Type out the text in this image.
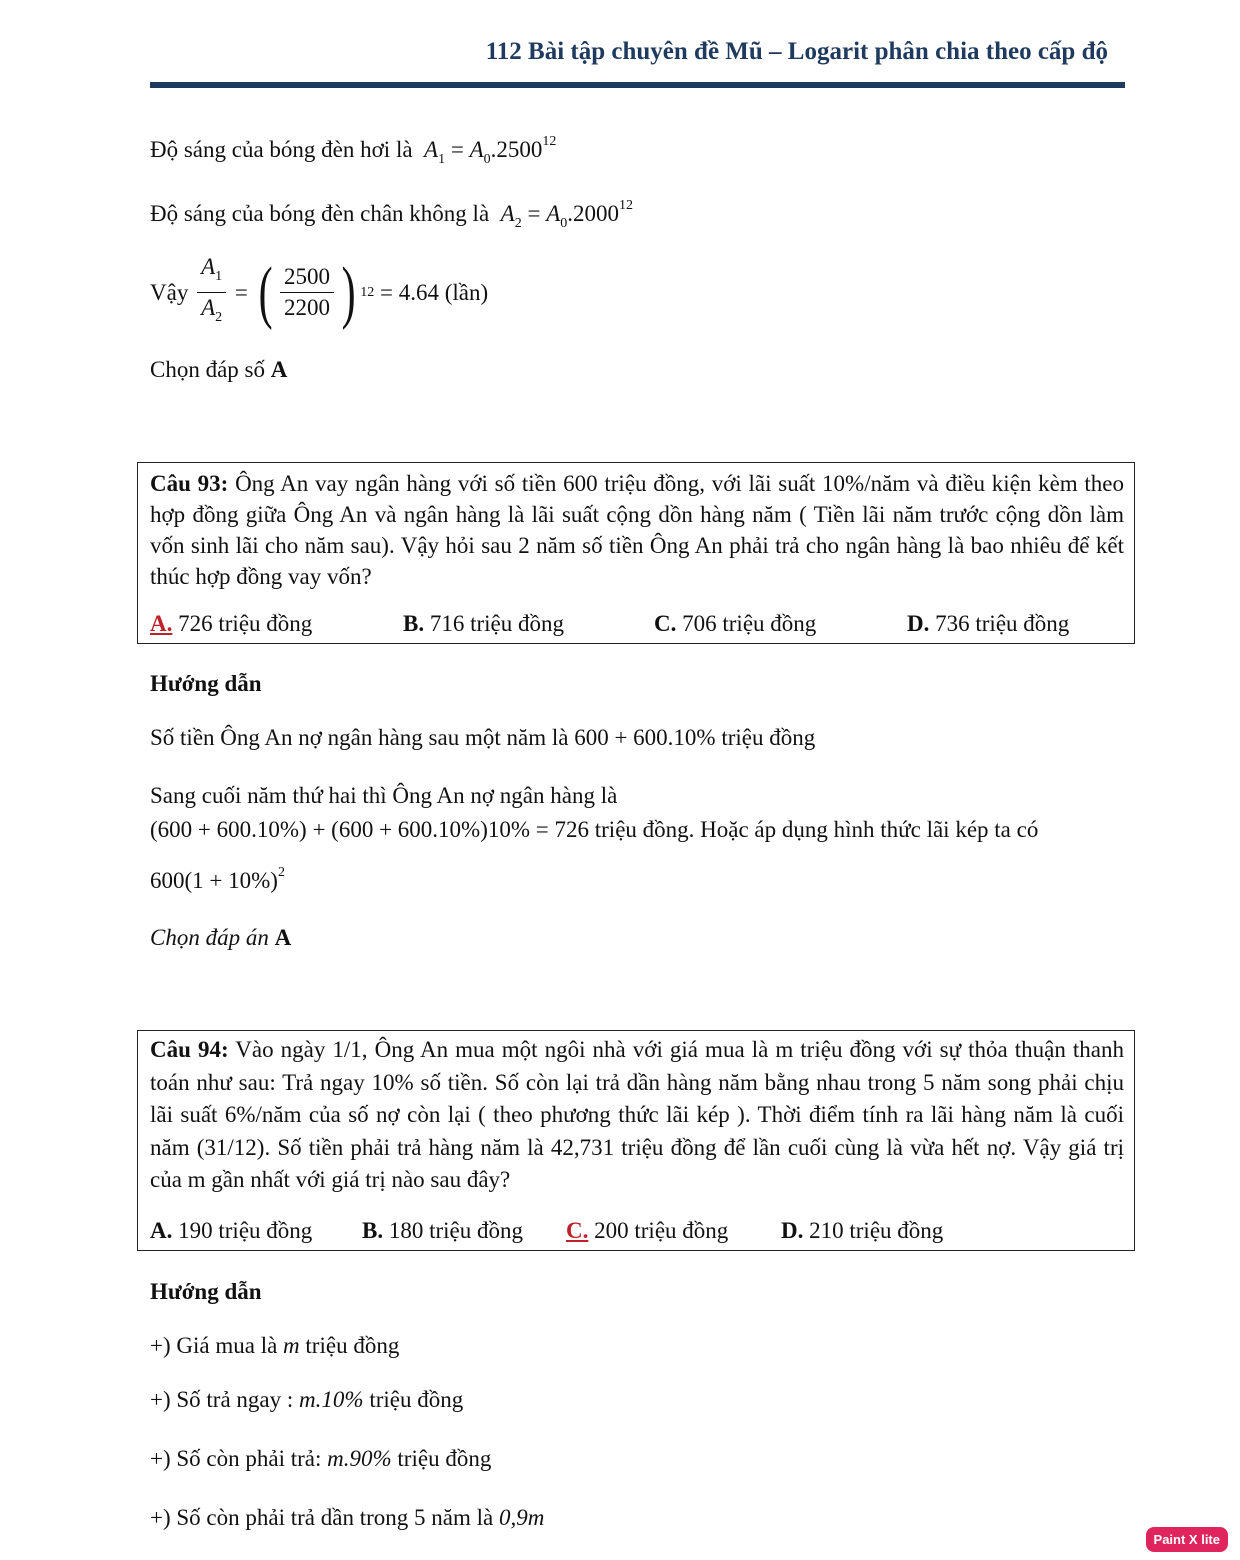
112 Bài tập chuyên đề Mũ – Logarit phân chia theo cấp độ
Độ sáng của bóng đèn hơi là $A_1 = A_0.2500^{12}$
Độ sáng của bóng đèn chân không là $A_2 = A_0.2000^{12}$
Vậy
$\frac{A_1}{A_2}$ = ( $\frac{2500}{2200}$ ) 12
= 4.64
(lần)
Chọn đáp số A
Câu 93: Ông An vay ngân hàng với số tiền 600 triệu đồng, với lãi suất 10%/năm và điều kiện kèm theo hợp đồng giữa Ông An và ngân hàng là lãi suất cộng dồn hàng năm ( Tiền lãi năm trước cộng dồn làm vốn sinh lãi cho năm sau). Vậy hỏi sau 2 năm số tiền Ông An phải trả cho ngân hàng là bao nhiêu để kết thúc hợp đồng vay vốn?
A. 726 triệu đồng	B. 716 triệu đồng	C. 706 triệu đồng	D. 736 triệu đồng
Hướng dẫn
Số tiền Ông An nợ ngân hàng sau một năm là 600 + 600.10% triệu đồng
Sang cuối năm thứ hai thì Ông An nợ ngân hàng là
(600 + 600.10%) + (600 + 600.10%)10% = 726 triệu đồng. Hoặc áp dụng hình thức lãi kép ta có
$600(1 + 10\%)^2$
Chọn đáp án A
Câu 94: Vào ngày 1/1, Ông An mua một ngôi nhà với giá mua là m triệu đồng với sự thỏa thuận thanh toán như sau: Trả ngay 10% số tiền. Số còn lại trả dần hàng năm bằng nhau trong 5 năm song phải chịu lãi suất 6%/năm của số nợ còn lại ( theo phương thức lãi kép ). Thời điểm tính ra lãi hàng năm là cuối năm (31/12). Số tiền phải trả hàng năm là 42,731 triệu đồng để lần cuối cùng là vừa hết nợ. Vậy giá trị của m gần nhất với giá trị nào sau đây?
A. 190 triệu đồng B. 180 triệu đồng C. 200 triệu đồng D. 210 triệu đồng
Hướng dẫn
+) Giá mua là m triệu đồng
+) Số trả ngay : m.10% triệu đồng
+) Số còn phải trả: m.90% triệu đồng
+) Số còn phải trả dần trong 5 năm là 0,9m
Paint X lite
